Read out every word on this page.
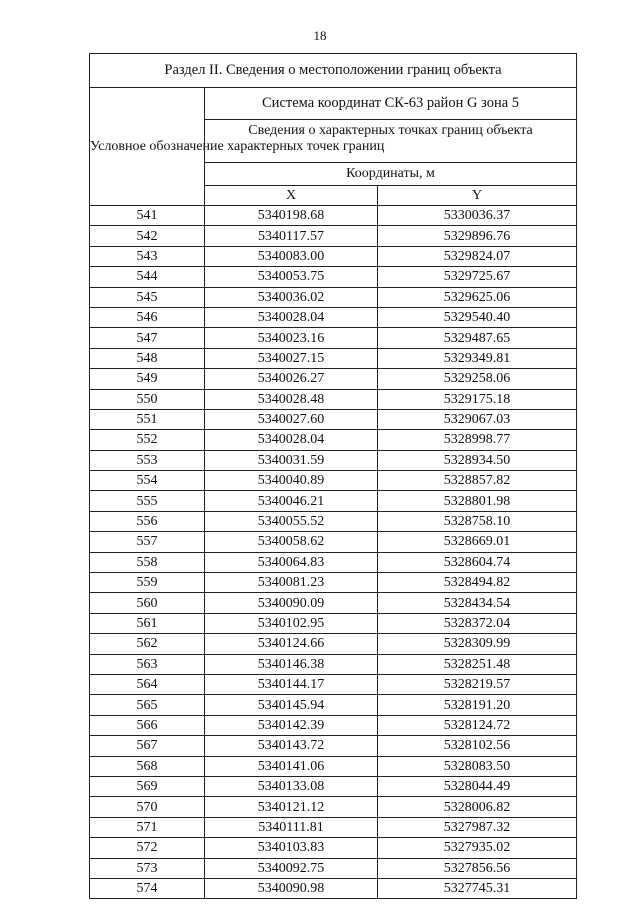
18
Раздел II. Сведения о местоположении границ объекта		
Условное обозначение характерных точек границ	Система координат СК-63 район G зона 5	
	Сведения о характерных точках границ объекта	
	Координаты, м	
	X	Y
541	5340198.68	5330036.37
542	5340117.57	5329896.76
543	5340083.00	5329824.07
544	5340053.75	5329725.67
545	5340036.02	5329625.06
546	5340028.04	5329540.40
547	5340023.16	5329487.65
548	5340027.15	5329349.81
549	5340026.27	5329258.06
550	5340028.48	5329175.18
551	5340027.60	5329067.03
552	5340028.04	5328998.77
553	5340031.59	5328934.50
554	5340040.89	5328857.82
555	5340046.21	5328801.98
556	5340055.52	5328758.10
557	5340058.62	5328669.01
558	5340064.83	5328604.74
559	5340081.23	5328494.82
560	5340090.09	5328434.54
561	5340102.95	5328372.04
562	5340124.66	5328309.99
563	5340146.38	5328251.48
564	5340144.17	5328219.57
565	5340145.94	5328191.20
566	5340142.39	5328124.72
567	5340143.72	5328102.56
568	5340141.06	5328083.50
569	5340133.08	5328044.49
570	5340121.12	5328006.82
571	5340111.81	5327987.32
572	5340103.83	5327935.02
573	5340092.75	5327856.56
574	5340090.98	5327745.31
